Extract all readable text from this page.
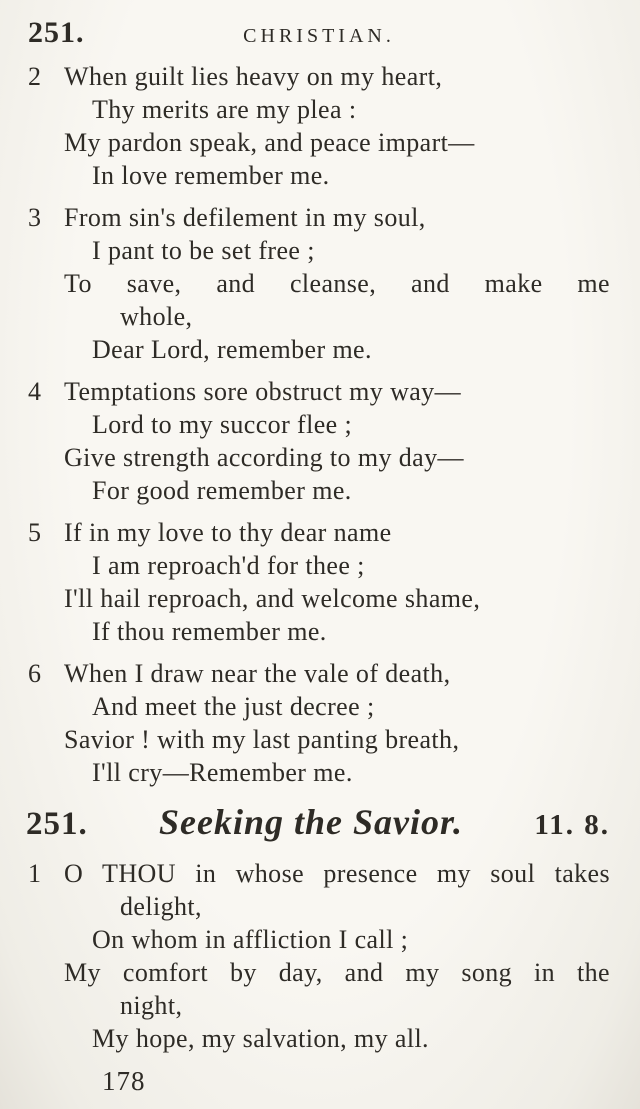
251.	CHRISTIAN.
2 When guilt lies heavy on my heart,
Thy merits are my plea :
My pardon speak, and peace impart—
In love remember me.
3 From sin's defilement in my soul,
I pant to be set free ;
To save, and cleanse, and make me
whole,
Dear Lord, remember me.
4 Temptations sore obstruct my way—
Lord to my succor flee ;
Give strength according to my day—
For good remember me.
5 If in my love to thy dear name
I am reproach'd for thee ;
I'll hail reproach, and welcome shame,
If thou remember me.
6 When I draw near the vale of death,
And meet the just decree ;
Savior ! with my last panting breath,
I'll cry—Remember me.
251. Seeking the Savior. 11. 8.
1 O THOU in whose presence my soul takes
delight,
On whom in affliction I call ;
My comfort by day, and my song in the
night,
My hope, my salvation, my all.
178
